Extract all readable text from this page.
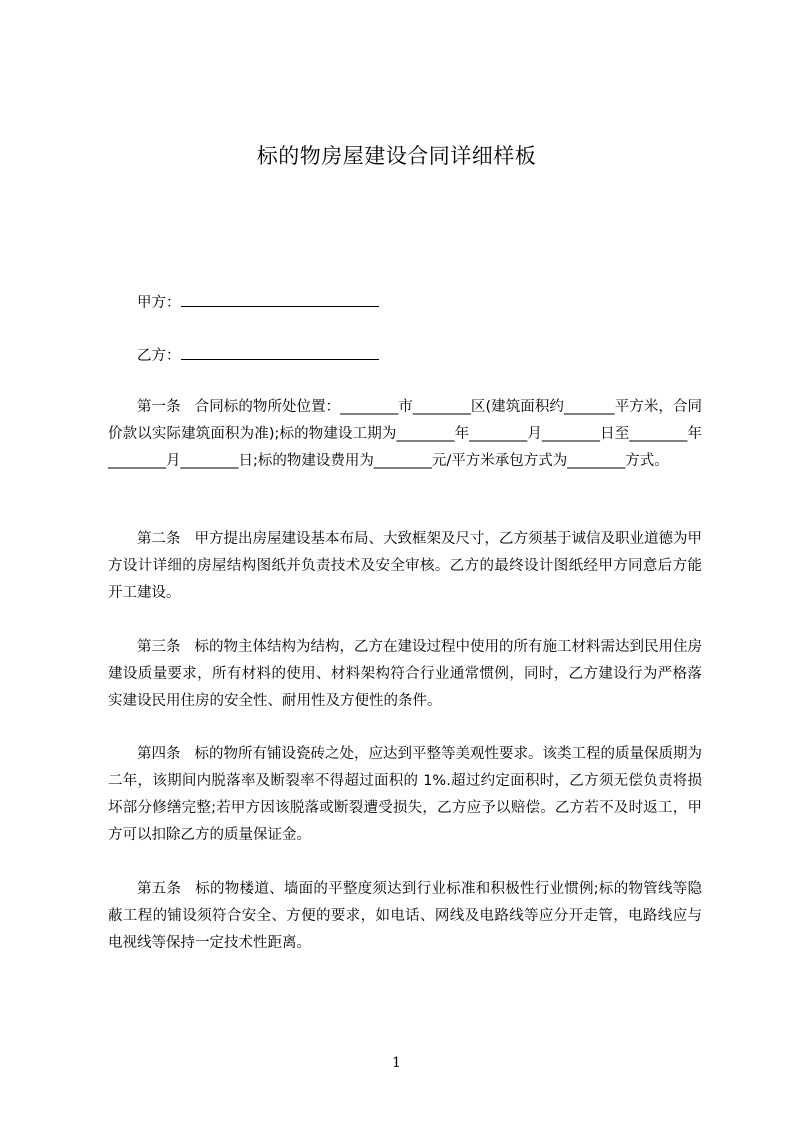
标的物房屋建设合同详细样板
甲方：
乙方：
第一条 合同标的物所处位置：________市________区(建筑面积约_______平方米，合同价款以实际建筑面积为准);标的物建设工期为________年________月________日至________年________月________日;标的物建设费用为________元/平方米承包方式为________方式。
第二条 甲方提出房屋建设基本布局、大致框架及尺寸，乙方须基于诚信及职业道德为甲方设计详细的房屋结构图纸并负责技术及安全审核。乙方的最终设计图纸经甲方同意后方能开工建设。
第三条 标的物主体结构为结构，乙方在建设过程中使用的所有施工材料需达到民用住房建设质量要求，所有材料的使用、材料架构符合行业通常惯例，同时，乙方建设行为严格落实建设民用住房的安全性、耐用性及方便性的条件。
第四条 标的物所有铺设瓷砖之处，应达到平整等美观性要求。该类工程的质量保质期为二年，该期间内脱落率及断裂率不得超过面积的 1%.超过约定面积时，乙方须无偿负责将损坏部分修缮完整;若甲方因该脱落或断裂遭受损失，乙方应予以赔偿。乙方若不及时返工，甲方可以扣除乙方的质量保证金。
第五条 标的物楼道、墙面的平整度须达到行业标准和积极性行业惯例;标的物管线等隐蔽工程的铺设须符合安全、方便的要求，如电话、网线及电路线等应分开走管，电路线应与电视线等保持一定技术性距离。
1
